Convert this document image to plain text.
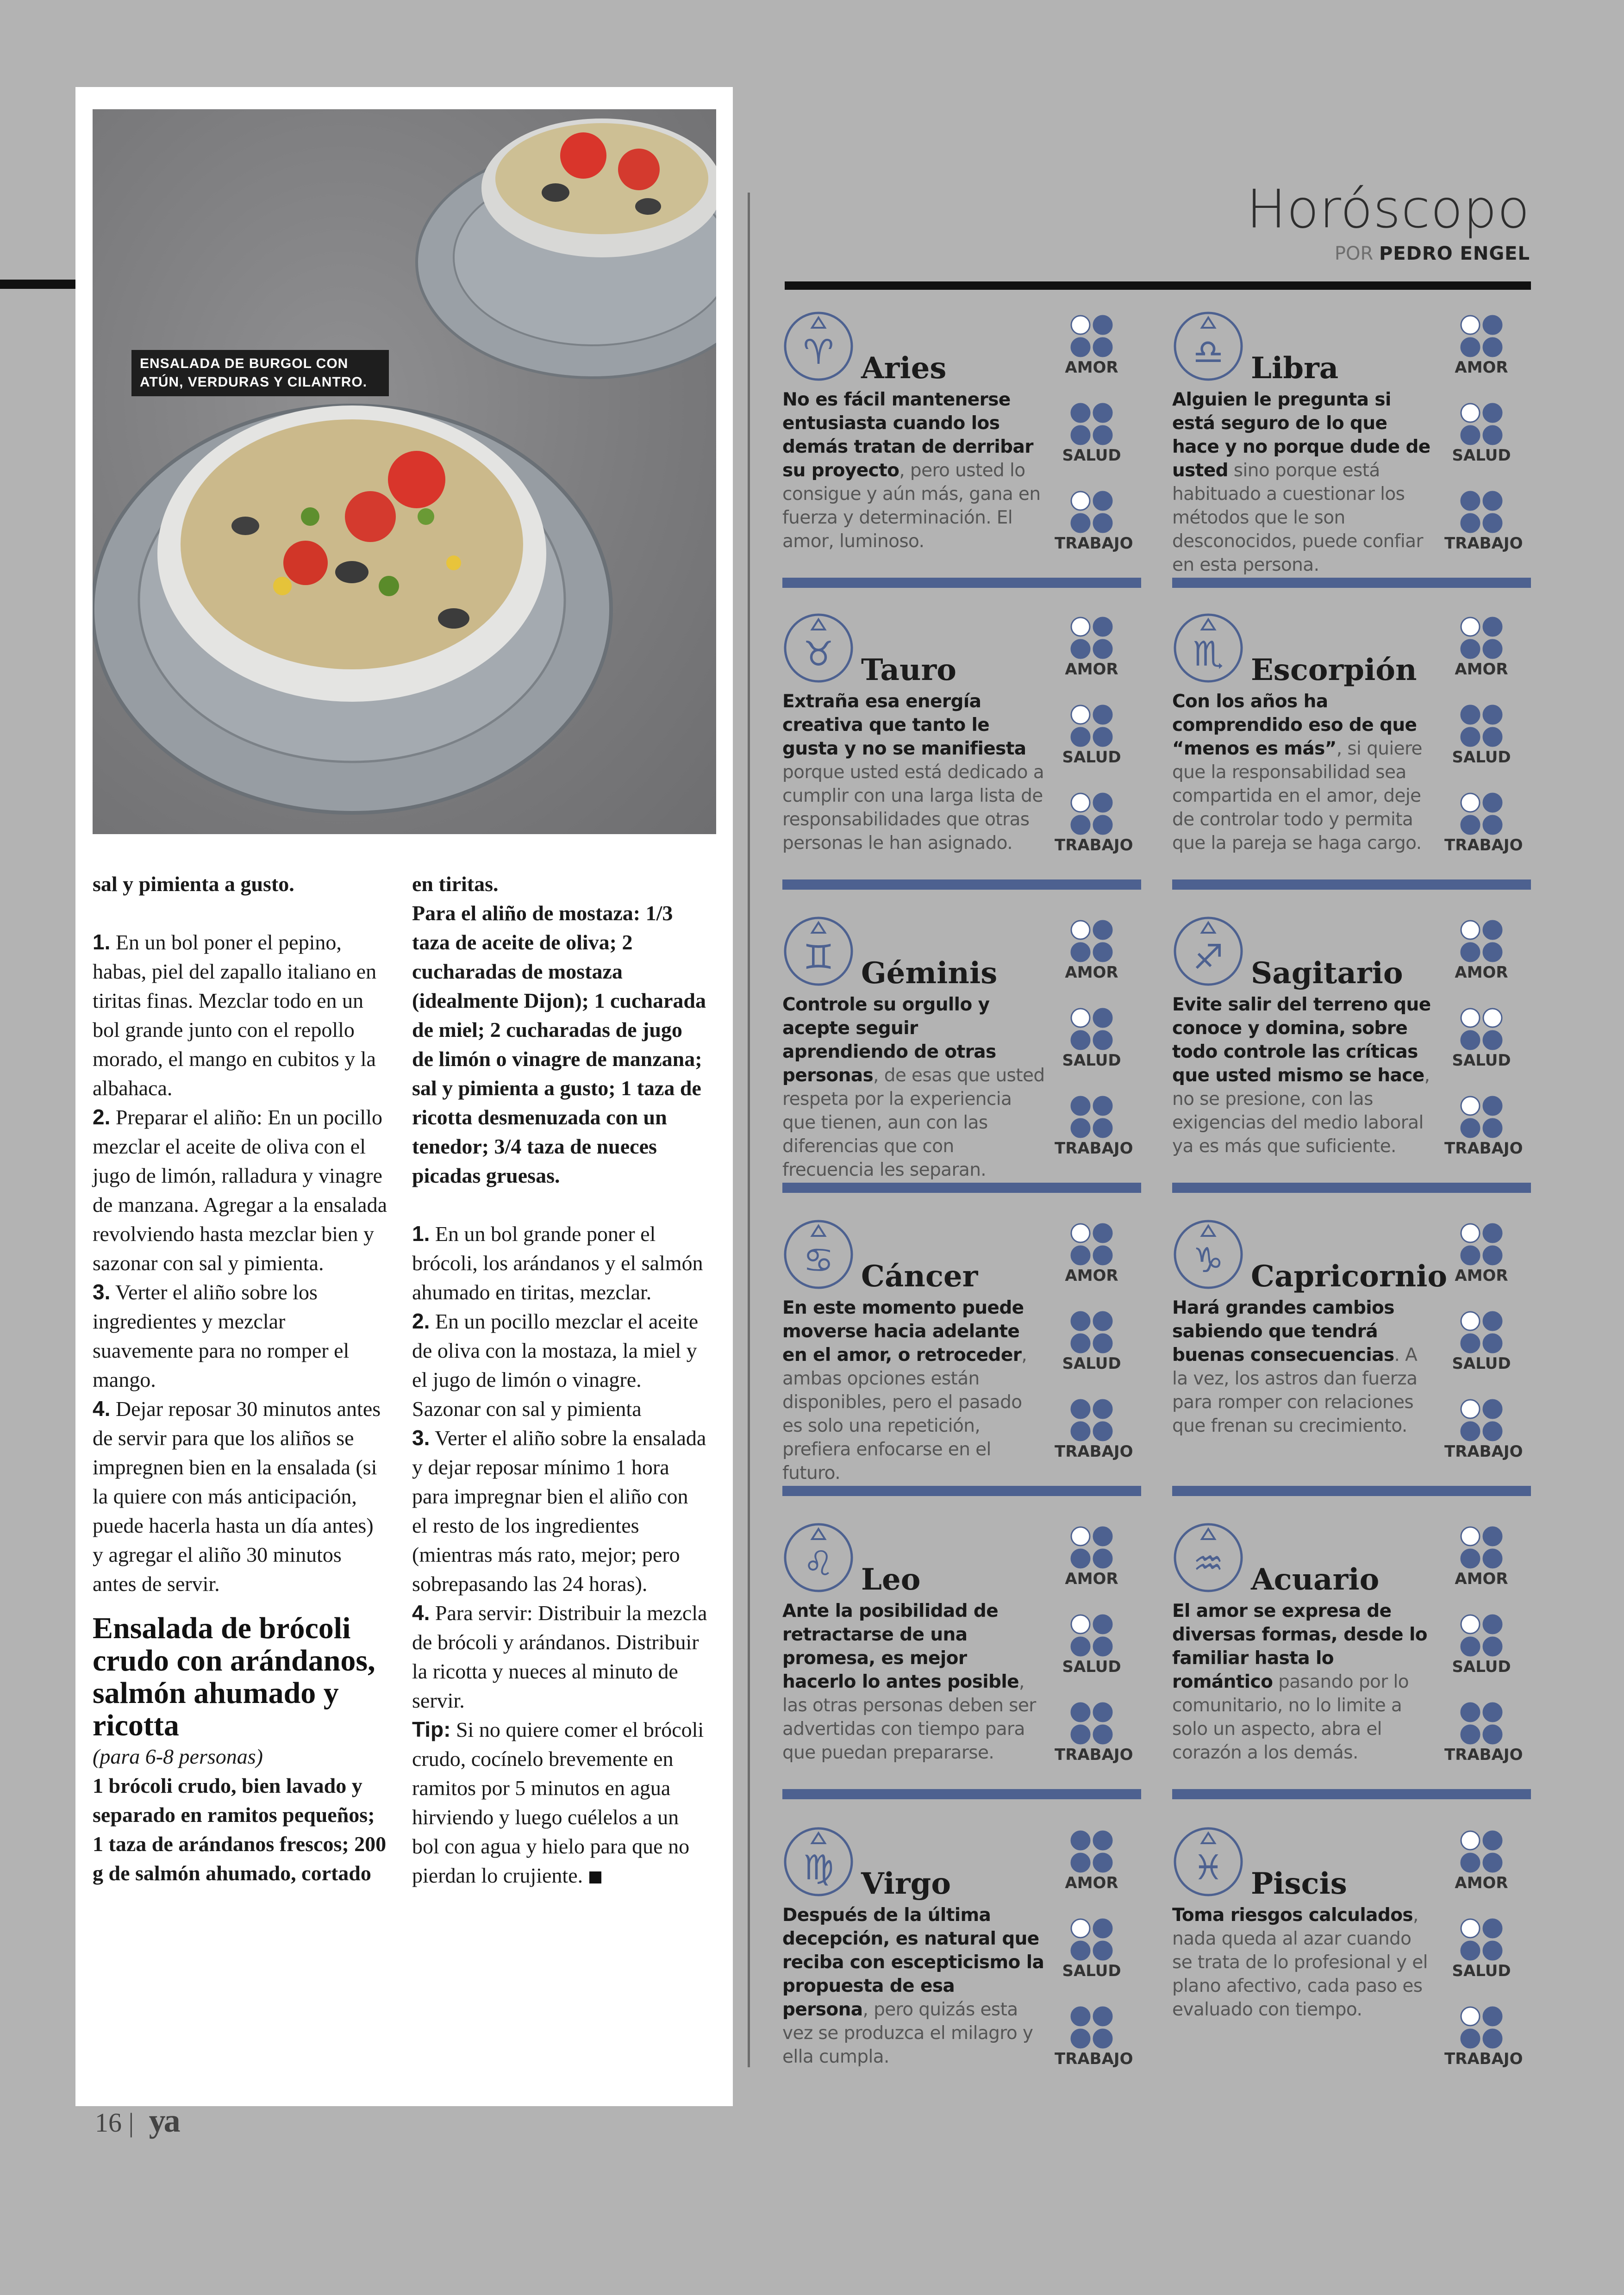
ENSALADA DE BURGOL CON ATÚN, VERDURAS Y CILANTRO.

sal y pimienta a gusto.

1. En un bol poner el pepino, habas, piel del zapallo italiano en tiritas finas. Mezclar todo en un bol grande junto con el repollo morado, el mango en cubitos y la albahaca.

2. Preparar el aliño: En un pocillo mezclar el aceite de oliva con el jugo de limón, ralladura y vinagre de manzana. Agregar a la ensalada revolviendo hasta mezclar bien y sazonar con sal y pimienta.

3. Verter el aliño sobre los ingredientes y mezclar suavemente para no romper el mango.

4. Dejar reposar 30 minutos antes de servir para que los aliños se impregnen bien en la ensalada (si la quiere con más anticipación, puede hacerla hasta un día antes) y agregar el aliño 30 minutos antes de servir.

Ensalada de brócoli crudo con arándanos, salmón ahumado y ricotta

(para 6-8 personas)

1 brócoli crudo, bien lavado y separado en ramitos pequeños; 1 taza de arándanos frescos; 200 g de salmón ahumado, cortado

en tiritas.

Para el aliño de mostaza: 1/3 taza de aceite de oliva; 2 cucharadas de mostaza (idealmente Dijon); 1 cucharada de miel; 2 cucharadas de jugo de limón o vinagre de manzana; sal y pimienta a gusto; 1 taza de ricotta desmenuzada con un tenedor; 3/4 taza de nueces picadas gruesas.

1. En un bol grande poner el brócoli, los arándanos y el salmón ahumado en tiritas, mezclar.

2. En un pocillo mezclar el aceite de oliva con la mostaza, la miel y el jugo de limón o vinagre. Sazonar con sal y pimienta

3. Verter el aliño sobre la ensalada y dejar reposar mínimo 1 hora para impregnar bien el aliño con el resto de los ingredientes (mientras más rato, mejor; pero sobrepasando las 24 horas).

4. Para servir: Distribuir la mezcla de brócoli y arándanos. Distribuir la ricotta y nueces al minuto de servir.

Tip: Si no quiere comer el brócoli crudo, cocínelo brevemente en ramitos por 5 minutos en agua hirviendo y luego cuélelos a un bol con agua y hielo para que no pierdan lo crujiente.

16 | ya
Horóscopo
POR PEDRO ENGEL
♈ Aries
No es fácil mantenerse entusiasta cuando los demás tratan de derribar su proyecto, pero usted lo consigue y aún más, gana en fuerza y determinación. El amor, luminoso.
AMOR
SALUD
TRABAJO
♎ Libra
Alguien le pregunta si está seguro de lo que hace y no porque dude de usted sino porque está habituado a cuestionar los métodos que le son desconocidos, puede confiar en esta persona.
AMOR
SALUD
TRABAJO
♉ Tauro
Extraña esa energía creativa que tanto le gusta y no se manifiesta porque usted está dedicado a cumplir con una larga lista de responsabilidades que otras personas le han asignado.
AMOR
SALUD
TRABAJO
♏ Escorpión
Con los años ha comprendido eso de que “menos es más”, si quiere que la responsabilidad sea compartida en el amor, deje de controlar todo y permita que la pareja se haga cargo.
AMOR
SALUD
TRABAJO
♊ Géminis
Controle su orgullo y acepte seguir aprendiendo de otras personas, de esas que usted respeta por la experiencia que tienen, aun con las diferencias que con frecuencia les separan.
AMOR
SALUD
TRABAJO
♐ Sagitario
Evite salir del terreno que conoce y domina, sobre todo controle las críticas que usted mismo se hace, no se presione, con las exigencias del medio laboral ya es más que suficiente.
AMOR
SALUD
TRABAJO
♋ Cáncer
En este momento puede moverse hacia adelante en el amor, o retroceder, ambas opciones están disponibles, pero el pasado es solo una repetición, prefiera enfocarse en el futuro.
AMOR
SALUD
TRABAJO
♑ Capricornio
Hará grandes cambios sabiendo que tendrá buenas consecuencias. A la vez, los astros dan fuerza para romper con relaciones que frenan su crecimiento.
AMOR
SALUD
TRABAJO
♌ Leo
Ante la posibilidad de retractarse de una promesa, es mejor hacerlo lo antes posible, las otras personas deben ser advertidas con tiempo para que puedan prepararse.
AMOR
SALUD
TRABAJO
♒ Acuario
El amor se expresa de diversas formas, desde lo familiar hasta lo romántico pasando por lo comunitario, no lo limite a solo un aspecto, abra el corazón a los demás.
AMOR
SALUD
TRABAJO
♍ Virgo
Después de la última decepción, es natural que reciba con escepticismo la propuesta de esa persona, pero quizás esta vez se produzca el milagro y ella cumpla.
AMOR
SALUD
TRABAJO
♓ Piscis
Toma riesgos calculados, nada queda al azar cuando se trata de lo profesional y el plano afectivo, cada paso es evaluado con tiempo.
AMOR
SALUD
TRABAJO
